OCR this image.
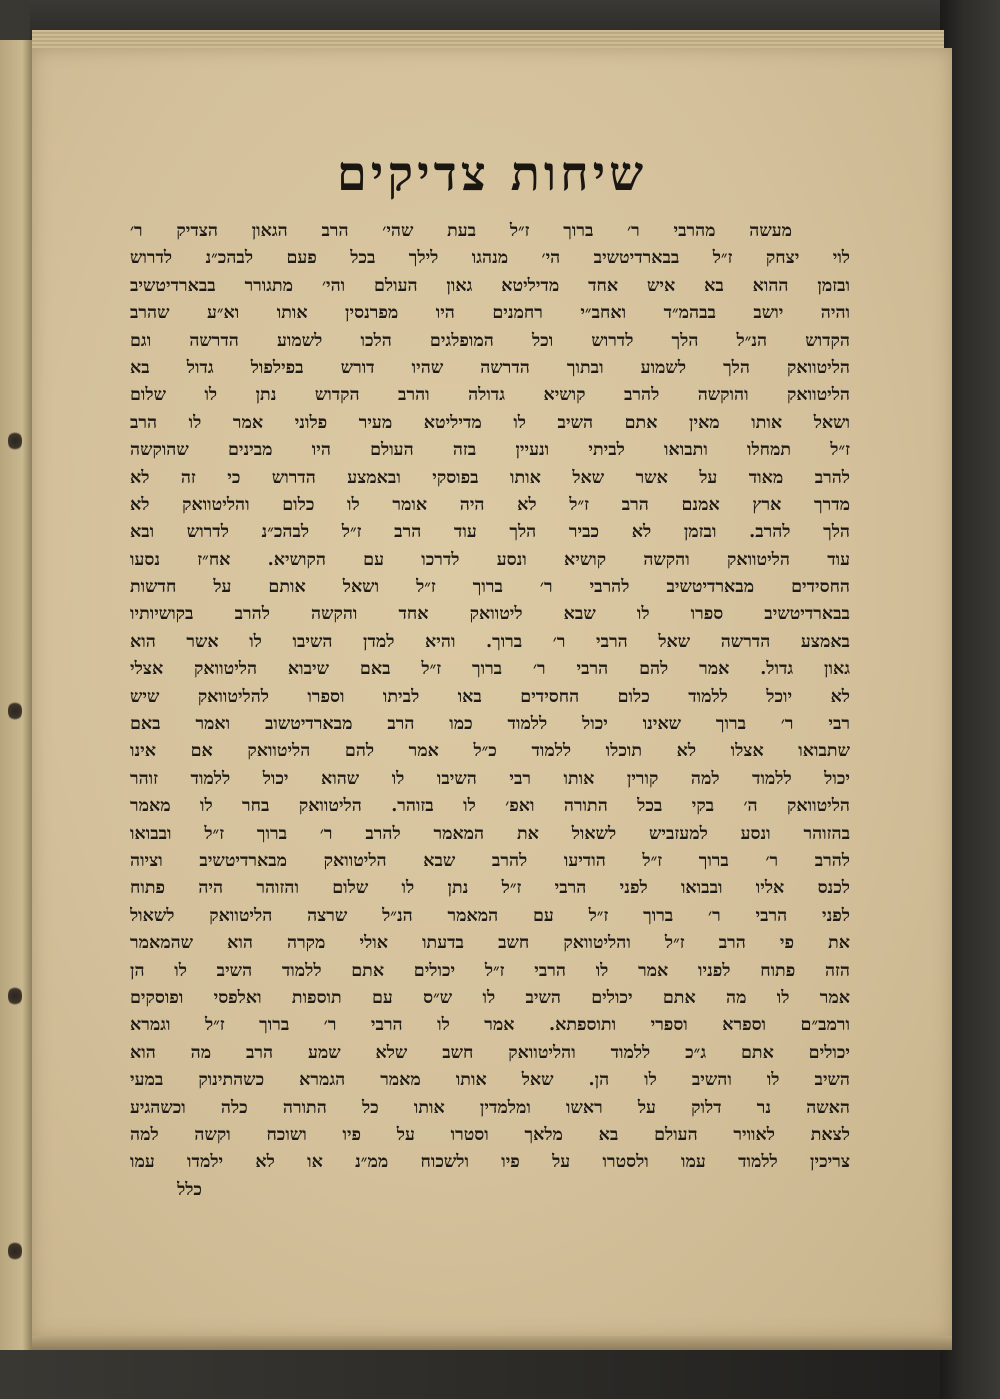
שיחות צדיקים
מעשה מהרבי ר׳ ברוך ז״ל בעת שהי׳ הרב הגאון הצדיק ר׳
לוי יצחק ז״ל בבארדיטשיב הי׳ מנהגו לילך בכל פעם לבהכ״נ לדרוש
ובזמן ההוא בא איש אחד מדיליטא גאון העולם והי׳ מתגורר בבארדיטשיב
והיה יושב בבהמ״ד ואחב״י רחמנים היו מפרנסין אותו וא״ע שהרב
הקדוש הנ״ל הלך לדרוש וכל המופלגים הלכו לשמוע הדרשה וגם
הליטוואק הלך לשמוע ובתוך הדרשה שהיו דורש בפילפול גדול בא
הליטוואק והוקשה להרב קושיא גדולה והרב הקדוש נתן לו שלום
ושאל אותו מאין אתם השיב לו מדיליטא מעיר פלוני אמר לו הרב
ז״ל תמחלו ותבואו לביתי ונעיין בזה העולם היו מבינים שהוקשה
להרב מאוד על אשר שאל אותו בפוסקי ובאמצע הדרוש כי זה לא
מדרך ארץ אמנם הרב ז״ל לא היה אומר לו כלום והליטוואק לא
הלך להרב. ובזמן לא כביר הלך עוד הרב ז״ל לבהכ״נ לדרוש ובא
עוד הליטוואק והקשה קושיא ונסע לדרכו עם הקושיא. אח״ז נסעו
החסידים מבארדיטשיב להרבי ר׳ ברוך ז״ל ושאל אותם על חדשות
בבארדיטשיב ספרו לו שבא ליטוואק אחד והקשה להרב בקושיותיו
באמצע הדרשה שאל הרבי ר׳ ברוך. והיא למדן השיבו לו אשר הוא
גאון גדול. אמר להם הרבי ר׳ ברוך ז״ל באם שיבוא הליטוואק אצלי
לא יוכל ללמוד כלום החסידים באו לביתו וספרו להליטוואק שיש
רבי ר׳ ברוך שאינו יכול ללמוד כמו הרב מבארדיטשוב ואמר באם
שתבואו אצלו לא תוכלו ללמוד כ״ל אמר להם הליטוואק אם אינו
יכול ללמוד למה קורין אותו רבי השיבו לו שהוא יכול ללמוד זוהר
הליטוואק ה׳ בקי בכל התורה ואפ׳ לו בזוהר. הליטוואק בחר לו מאמר
בהזוהר ונסע למעזביש לשאול את המאמר להרב ר׳ ברוך ז״ל ובבואו
להרב ר׳ ברוך ז״ל הודיעו להרב שבא הליטוואק מבארדיטשיב וציוה
לכנס אליו ובבואו לפני הרבי ז״ל נתן לו שלום והזוהר היה פתוח
לפני הרבי ר׳ ברוך ז״ל עם המאמר הנ״ל שרצה הליטוואק לשאול
את פי הרב ז״ל והליטוואק חשב בדעתו אולי מקרה הוא שהמאמר
הזה פתוח לפניו אמר לו הרבי ז״ל יכולים אתם ללמוד השיב לו הן
אמר לו מה אתם יכולים השיב לו ש״ס עם תוספות ואלפסי ופוסקים
ורמב״ם וספרא וספרי ותוספתא. אמר לו הרבי ר׳ ברוך ז״ל וגמרא
יכולים אתם ג״כ ללמוד והליטוואק חשב שלא שמע הרב מה הוא
השיב לו והשיב לו הן. שאל אותו מאמר הגמרא כשהתינוק במעי
האשה נר דלוק על ראשו ומלמדין אותו כל התורה כלה וכשהגיע
לצאת לאוויר העולם בא מלאך וסטרו על פיו ושוכח וקשה למה
צריכין ללמוד עמו ולסטרו על פיו ולשכוח ממ״נ או לא ילמדו עמו
כלל
